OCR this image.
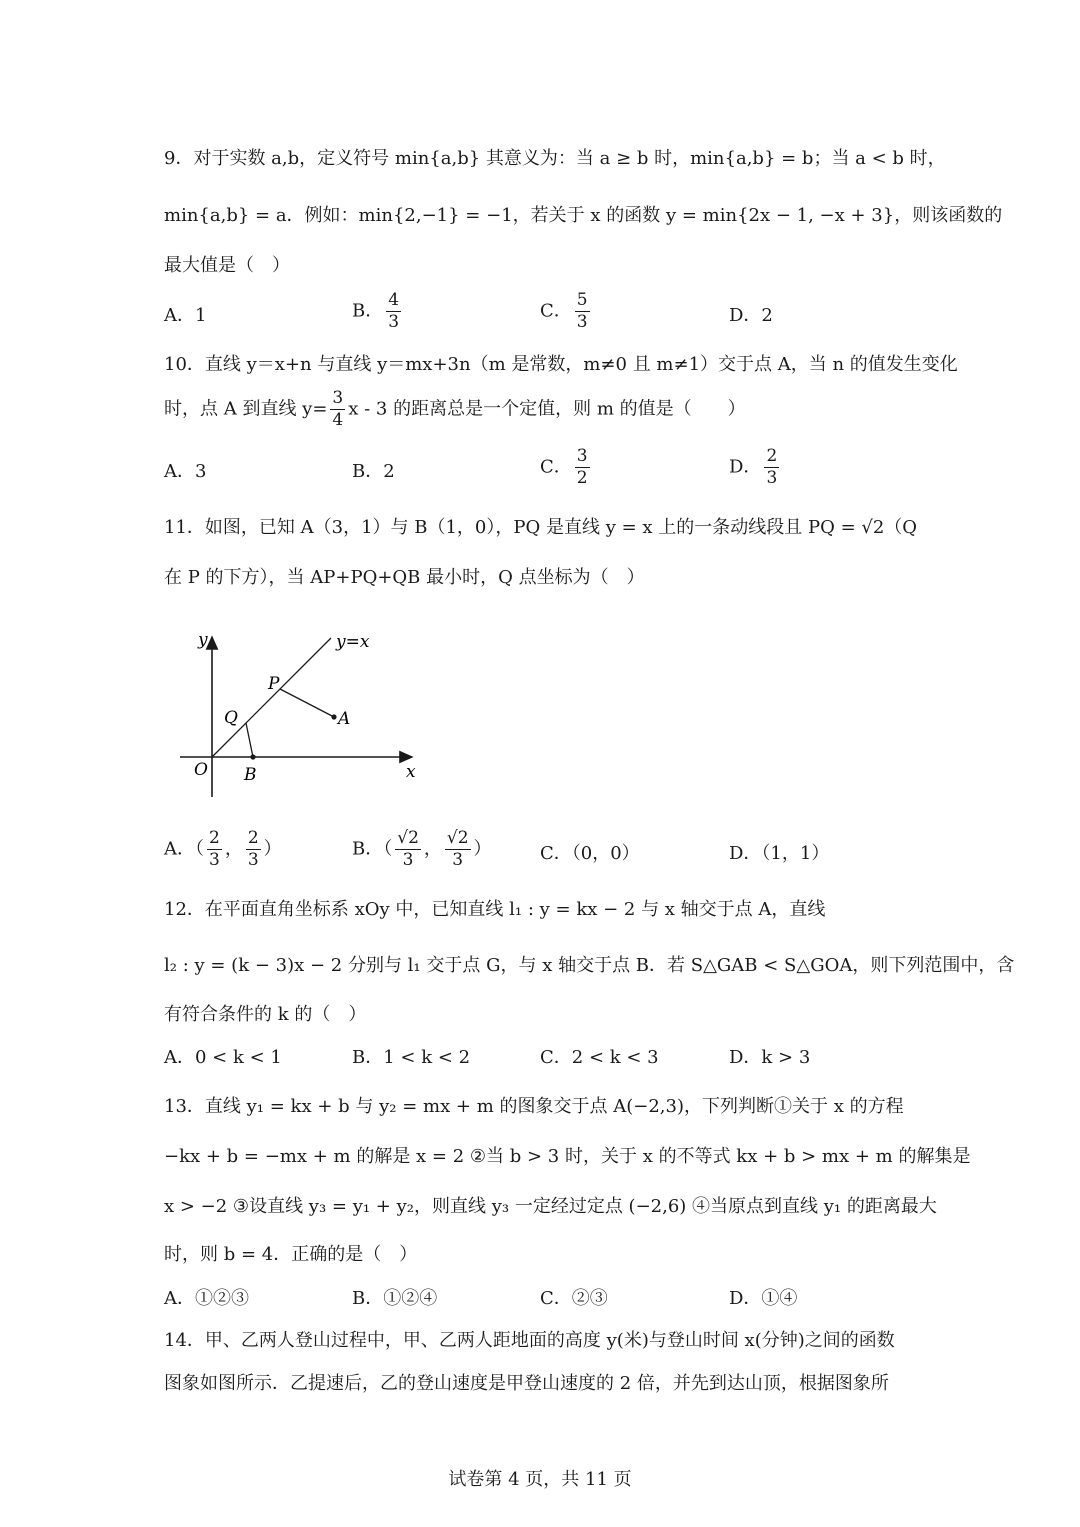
9．对于实数 a,b，定义符号 min{a,b} 其意义为：当 a ≥ b 时，min{a,b} = b；当 a < b 时，
min{a,b} = a．例如：min{2,−1} = −1，若关于 x 的函数 y = min{2x − 1, −x + 3}，则该函数的
最大值是（　）
A．1	B． $\frac{4}{3}$	C． $\frac{5}{3}$	D．2
10．直线 y＝x+n 与直线 y＝mx+3n（m 是常数，m≠0 且 m≠1）交于点 A，当 n 的值发生变化
时，点 A 到直线 $y= \frac{3}{4}$ x - 3 的距离总是一个定值，则 m 的值是（　　）
A．3	B．2	C． $\frac{3}{2}$	D． $\frac{2}{3}$
11．如图，已知 A（3，1）与 B（1，0），PQ 是直线 y = x 上的一条动线段且 PQ = √2（Q
在 P 的下方），当 AP+PQ+QB 最小时，Q 点坐标为（　）
y
x
y=x
O
P
Q	A
B
A．（ $\frac{2}{3}$ ， $\frac{2}{3}$ ）	B．（ $\frac{√2}{3}$ ， $\frac{√2}{3}$ ）	C．（0，0）	D．（1，1）
12．在平面直角坐标系 xOy 中，已知直线 l₁ : y = kx − 2 与 x 轴交于点 A，直线
l₂ : y = (k − 3)x − 2 分别与 l₁ 交于点 G，与 x 轴交于点 B．若 S△GAB < S△GOA，则下列范围中，含
有符合条件的 k 的（　）
A．0 < k < 1	B．1 < k < 2	C．2 < k < 3	D．k > 3
13．直线 y₁ = kx + b 与 y₂ = mx + m 的图象交于点 A(−2,3)，下列判断①关于 x 的方程
−kx + b = −mx + m 的解是 x = 2 ②当 b > 3 时，关于 x 的不等式 kx + b > mx + m 的解集是
x > −2 ③设直线 y₃ = y₁ + y₂，则直线 y₃ 一定经过定点 (−2,6) ④当原点到直线 y₁ 的距离最大
时，则 b = 4．正确的是（　）
A．①②③	B．①②④	C．②③	D．①④
14．甲、乙两人登山过程中，甲、乙两人距地面的高度 y(米)与登山时间 x(分钟)之间的函数
图象如图所示．乙提速后，乙的登山速度是甲登山速度的 2 倍，并先到达山顶，根据图象所
试卷第 4 页，共 11 页
